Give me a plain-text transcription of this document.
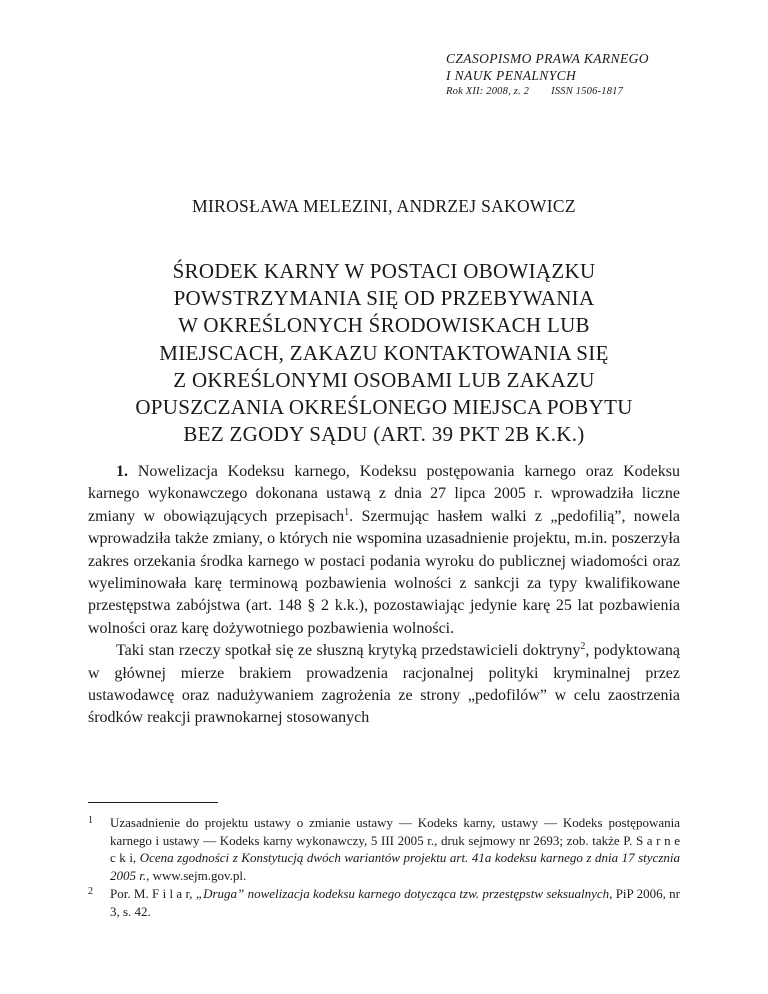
CZASOPISMO PRAWA KARNEGO
I NAUK PENALNYCH
Rok XII: 2008, z. 2 ISSN 1506-1817
MIROSŁAWA MELEZINI, ANDRZEJ SAKOWICZ
ŚRODEK KARNY W POSTACI OBOWIĄZKU
POWSTRZYMANIA SIĘ OD PRZEBYWANIA
W OKREŚLONYCH ŚRODOWISKACH LUB
MIEJSCACH, ZAKAZU KONTAKTOWANIA SIĘ
Z OKREŚLONYMI OSOBAMI LUB ZAKAZU
OPUSZCZANIA OKREŚLONEGO MIEJSCA POBYTU
BEZ ZGODY SĄDU (ART. 39 PKT 2B K.K.)

1. Nowelizacja Kodeksu karnego, Kodeksu postępowania karnego oraz Kodeksu karnego wykonawczego dokonana ustawą z dnia 27 lipca 2005 r. wprowadziła liczne zmiany w obowiązujących przepisach$^1$. Szermując hasłem walki z „pedofilią”, nowela wprowadziła także zmiany, o których nie wspomina uzasadnienie projektu, m.in. poszerzyła zakres orzekania środka karnego w postaci podania wyroku do publicznej wiadomości oraz wyeliminowała karę terminową pozbawienia wolności z sankcji za typy kwalifikowane przestępstwa zabójstwa (art. 148 § 2 k.k.), pozostawiając jedynie karę 25 lat pozbawienia wolności oraz karę dożywotniego pozbawienia wolności.

Taki stan rzeczy spotkał się ze słuszną krytyką przedstawicieli doktryny$^2$, podyktowaną w głównej mierze brakiem prowadzenia racjonalnej polityki kryminalnej przez ustawodawcę oraz nadużywaniem zagrożenia ze strony „pedofilów” w celu zaostrzenia środków reakcji prawnokarnej stosowanych

1 Uzasadnienie do projektu ustawy o zmianie ustawy — Kodeks karny, ustawy — Kodeks postępowania karnego i ustawy — Kodeks karny wykonawczy, 5 III 2005 r., druk sejmowy nr 2693; zob. także P. S a r n e c k i, Ocena zgodności z Konstytucją dwóch wariantów projektu art. 41a kodeksu karnego z dnia 17 stycznia 2005 r., www.sejm.gov.pl.
2 Por. M. F i l a r, „Druga” nowelizacja kodeksu karnego dotycząca tzw. przestępstw seksualnych, PiP 2006, nr 3, s. 42.
